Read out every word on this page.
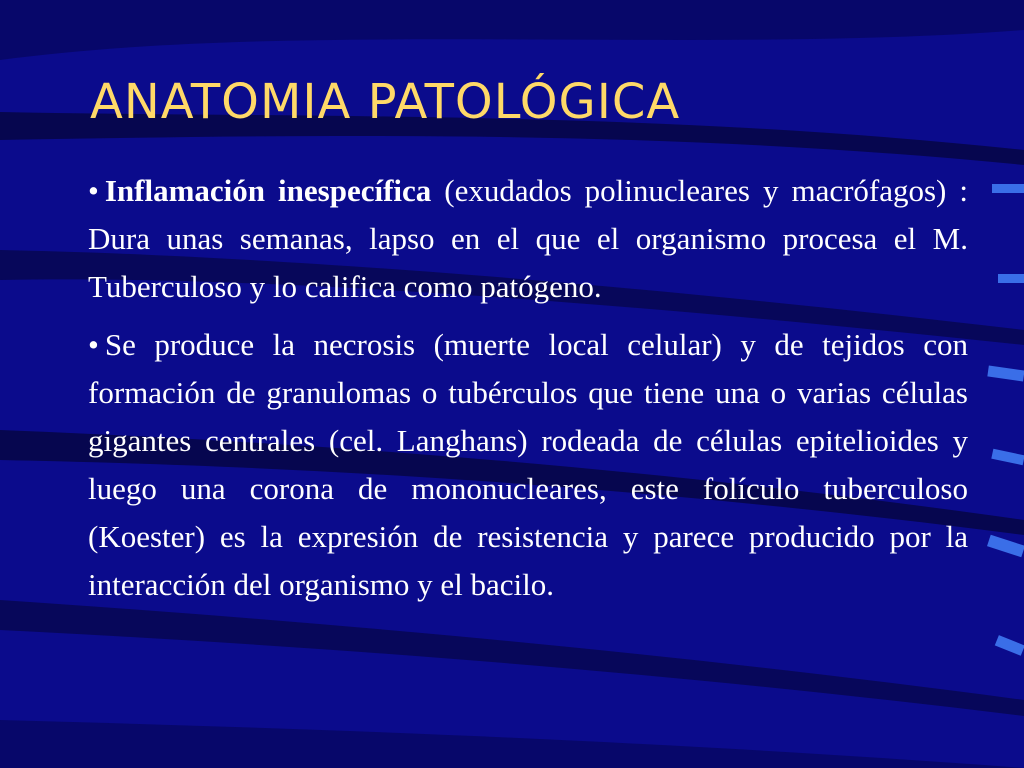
ANATOMIA PATOLÓGICA
• Inflamación inespecífica (exudados polinucleares y macrófagos) : Dura unas semanas, lapso en el que el organismo procesa el M. Tuberculoso y lo califica como patógeno.
• Se produce la necrosis (muerte local celular) y de tejidos con formación de granulomas o tubérculos que tiene una o varias células gigantes centrales (cel. Langhans) rodeada de células epitelioides y luego una corona de mononucleares, este folículo tuberculoso (Koester) es la expresión de resistencia y parece producido por la interacción del organismo y el bacilo.
